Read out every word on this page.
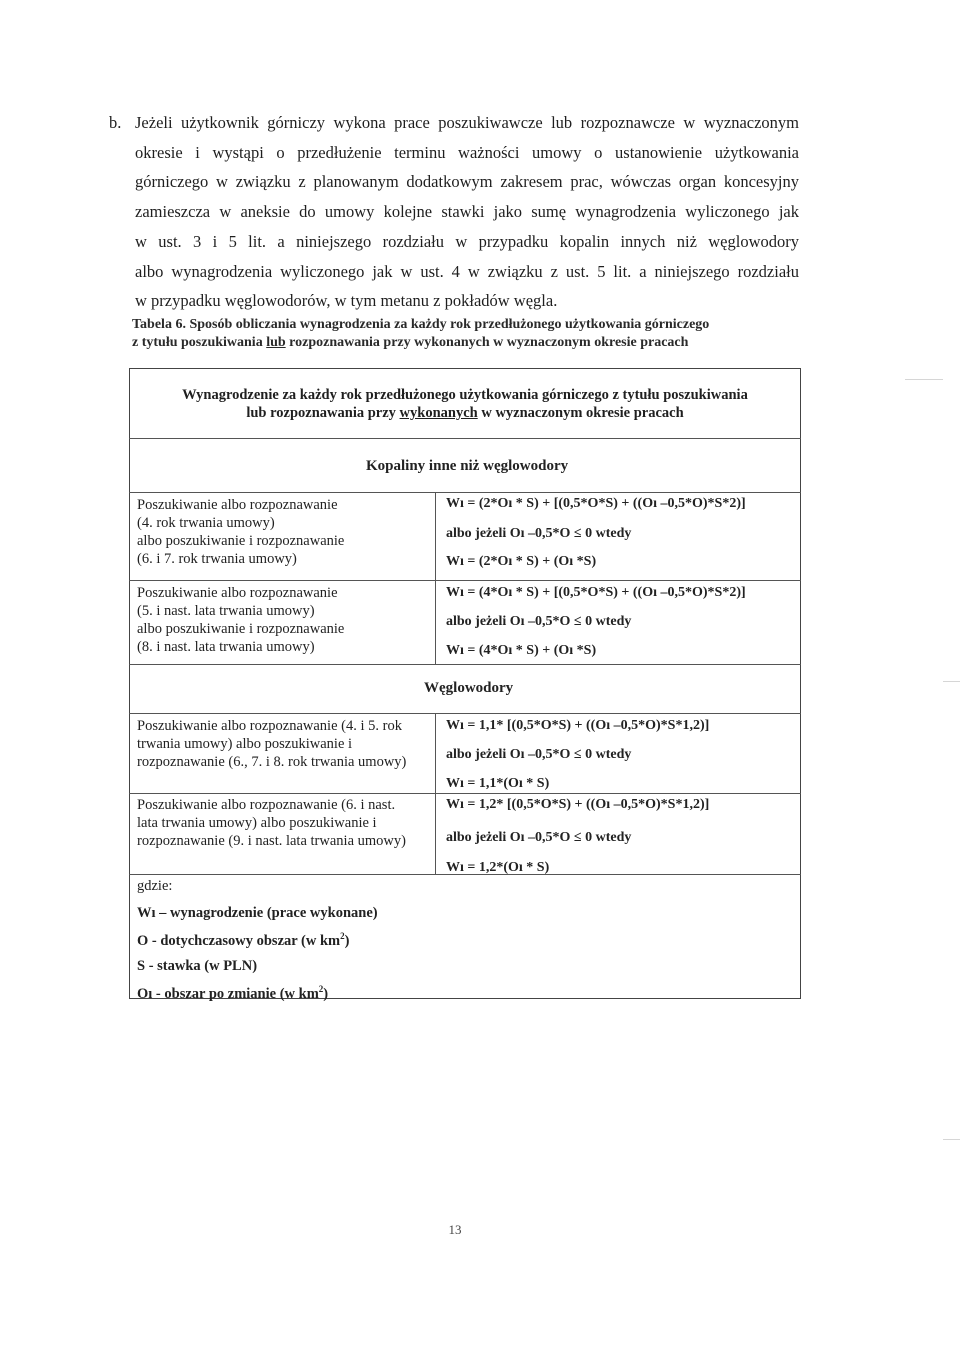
b. Jeżeli użytkownik górniczy wykona prace poszukiwawcze lub rozpoznawcze w wyznaczonym
okresie i wystąpi o przedłużenie terminu ważności umowy o ustanowienie użytkowania
górniczego w związku z planowanym dodatkowym zakresem prac, wówczas organ koncesyjny
zamieszcza w aneksie do umowy kolejne stawki jako sumę wynagrodzenia wyliczonego jak
w ust. 3 i 5 lit. a niniejszego rozdziału w przypadku kopalin innych niż węglowodory
albo wynagrodzenia wyliczonego jak w ust. 4 w związku z ust. 5 lit. a niniejszego rozdziału
w przypadku węglowodorów, w tym metanu z pokładów węgla.
Tabela 6. Sposób obliczania wynagrodzenia za każdy rok przedłużonego użytkowania górniczego
z tytułu poszukiwania lub rozpoznawania przy wykonanych w wyznaczonym okresie pracach
Wynagrodzenie za każdy rok przedłużonego użytkowania górniczego z tytułu poszukiwania
lub rozpoznawania przy wykonanych w wyznaczonym okresie pracach
Kopaliny inne niż węglowodory
Poszukiwanie albo rozpoznawanie
(4. rok trwania umowy)
albo poszukiwanie i rozpoznawanie
(6. i 7. rok trwania umowy)
Wı = (2*Oı * S) + [(0,5*O*S) + ((Oı –0,5*O)*S*2)]
albo jeżeli Oı –0,5*O ≤ 0 wtedy
Wı = (2*Oı * S) + (Oı *S)
Poszukiwanie albo rozpoznawanie
(5. i nast. lata trwania umowy)
albo poszukiwanie i rozpoznawanie
(8. i nast. lata trwania umowy)
Wı = (4*Oı * S) + [(0,5*O*S) + ((Oı –0,5*O)*S*2)]
albo jeżeli Oı –0,5*O ≤ 0 wtedy
Wı = (4*Oı * S) + (Oı *S)
Węglowodory
Poszukiwanie albo rozpoznawanie (4. i 5. rok
trwania umowy) albo poszukiwanie i
rozpoznawanie (6., 7. i 8. rok trwania umowy)
Wı = 1,1* [(0,5*O*S) + ((Oı –0,5*O)*S*1,2)]
albo jeżeli Oı –0,5*O ≤ 0 wtedy
Wı = 1,1*(Oı * S)
Poszukiwanie albo rozpoznawanie (6. i nast.
lata trwania umowy) albo poszukiwanie i
rozpoznawanie (9. i nast. lata trwania umowy)
Wı = 1,2* [(0,5*O*S) + ((Oı –0,5*O)*S*1,2)]
albo jeżeli Oı –0,5*O ≤ 0 wtedy
Wı = 1,2*(Oı * S)
gdzie:
Wı – wynagrodzenie (prace wykonane)
O - dotychczasowy obszar (w $km^2$)
S - stawka (w PLN)
Oı - obszar po zmianie (w $km^2$)
13
